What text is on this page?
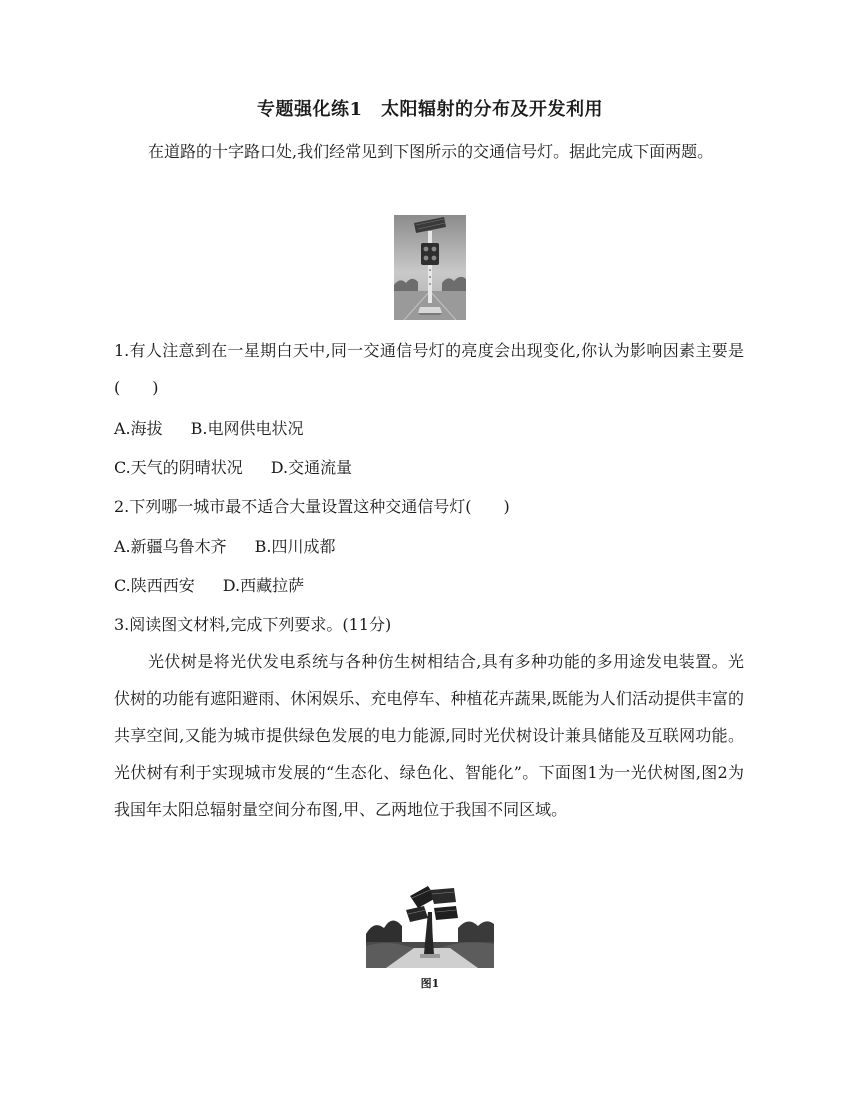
专题强化练1　太阳辐射的分布及开发利用
在道路的十字路口处,我们经常见到下图所示的交通信号灯。据此完成下面两题。
1.有人注意到在一星期白天中,同一交通信号灯的亮度会出现变化,你认为影响因素主要是(　　)
A.海拔 B.电网供电状况
C.天气的阴晴状况 D.交通流量
2.下列哪一城市最不适合大量设置这种交通信号灯(　　)
A.新疆乌鲁木齐 B.四川成都
C.陕西西安 D.西藏拉萨
3.阅读图文材料,完成下列要求。(11分)
光伏树是将光伏发电系统与各种仿生树相结合,具有多种功能的多用途发电装置。光伏树的功能有遮阳避雨、休闲娱乐、充电停车、种植花卉蔬果,既能为人们活动提供丰富的共享空间,又能为城市提供绿色发展的电力能源,同时光伏树设计兼具储能及互联网功能。光伏树有利于实现城市发展的“生态化、绿色化、智能化”。下面图1为一光伏树图,图2为我国年太阳总辐射量空间分布图,甲、乙两地位于我国不同区域。
图1
